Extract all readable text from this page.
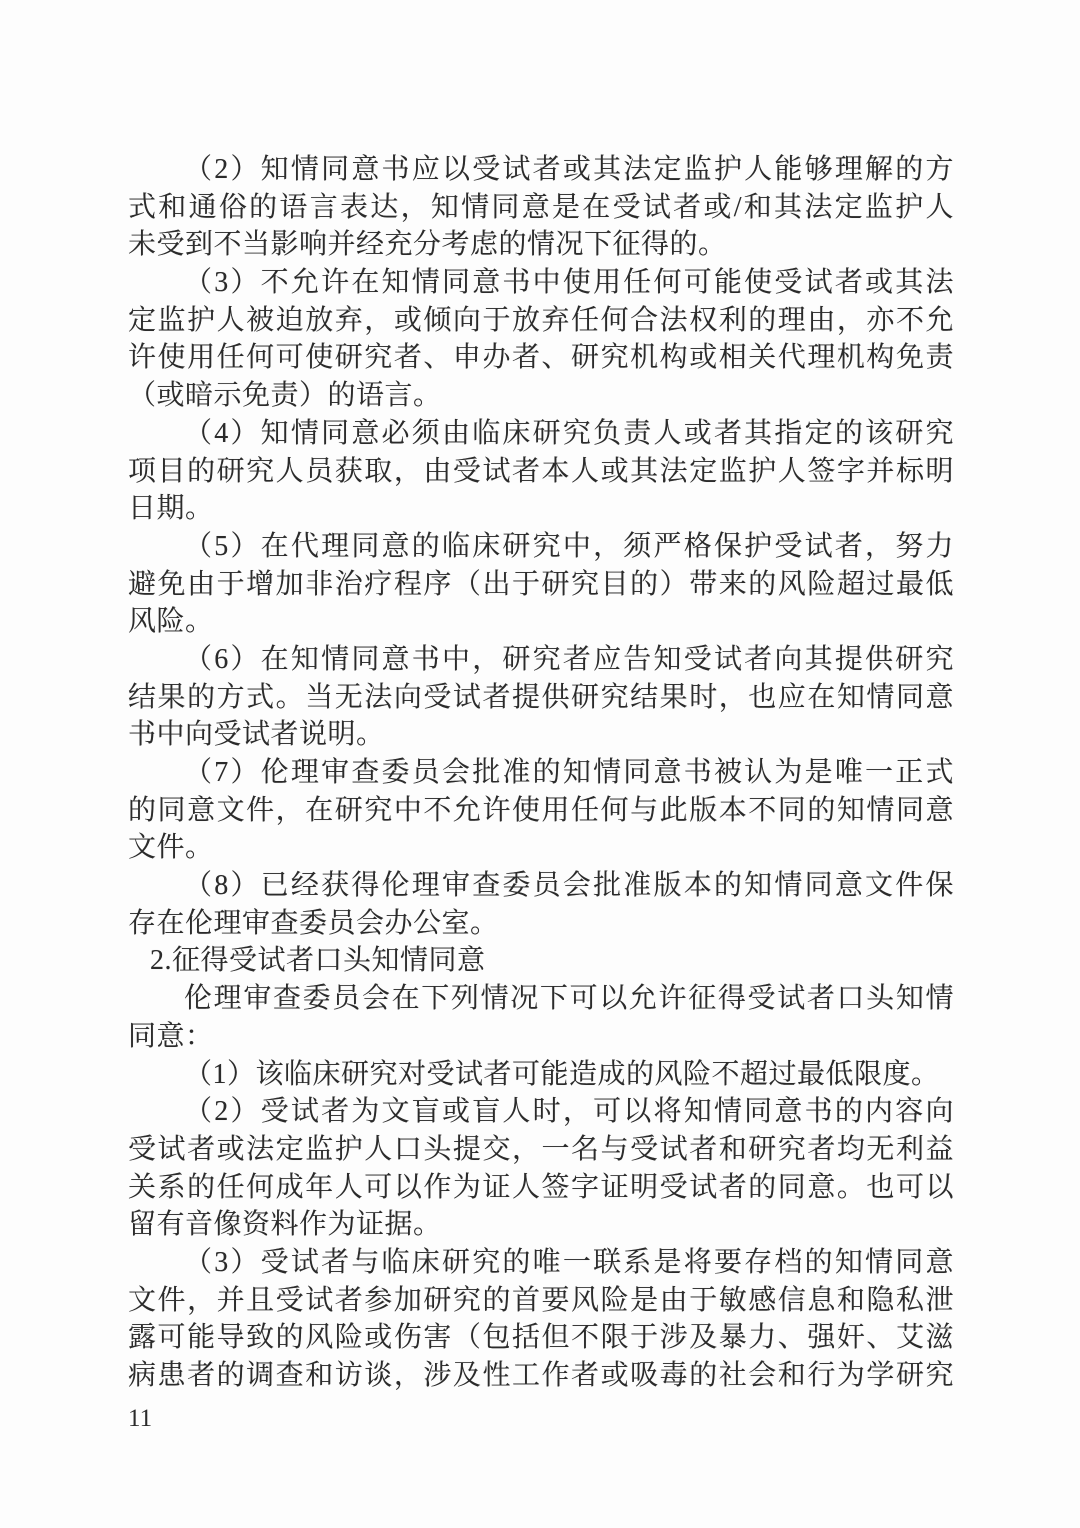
（2）知情同意书应以受试者或其法定监护人能够理解的方
式和通俗的语言表达，知情同意是在受试者或/和其法定监护人
未受到不当影响并经充分考虑的情况下征得的。
（3）不允许在知情同意书中使用任何可能使受试者或其法
定监护人被迫放弃，或倾向于放弃任何合法权利的理由，亦不允
许使用任何可使研究者、申办者、研究机构或相关代理机构免责
（或暗示免责）的语言。
（4）知情同意必须由临床研究负责人或者其指定的该研究
项目的研究人员获取，由受试者本人或其法定监护人签字并标明
日期。
（5）在代理同意的临床研究中，须严格保护受试者，努力
避免由于增加非治疗程序（出于研究目的）带来的风险超过最低
风险。
（6）在知情同意书中，研究者应告知受试者向其提供研究
结果的方式。当无法向受试者提供研究结果时，也应在知情同意
书中向受试者说明。
（7）伦理审查委员会批准的知情同意书被认为是唯一正式
的同意文件，在研究中不允许使用任何与此版本不同的知情同意
文件。
（8）已经获得伦理审查委员会批准版本的知情同意文件保
存在伦理审查委员会办公室。
2.征得受试者口头知情同意
伦理审查委员会在下列情况下可以允许征得受试者口头知情
同意：
（1）该临床研究对受试者可能造成的风险不超过最低限度。
（2）受试者为文盲或盲人时，可以将知情同意书的内容向
受试者或法定监护人口头提交，一名与受试者和研究者均无利益
关系的任何成年人可以作为证人签字证明受试者的同意。也可以
留有音像资料作为证据。
（3）受试者与临床研究的唯一联系是将要存档的知情同意
文件，并且受试者参加研究的首要风险是由于敏感信息和隐私泄
露可能导致的风险或伤害（包括但不限于涉及暴力、强奸、艾滋
病患者的调查和访谈，涉及性工作者或吸毒的社会和行为学研究
11
